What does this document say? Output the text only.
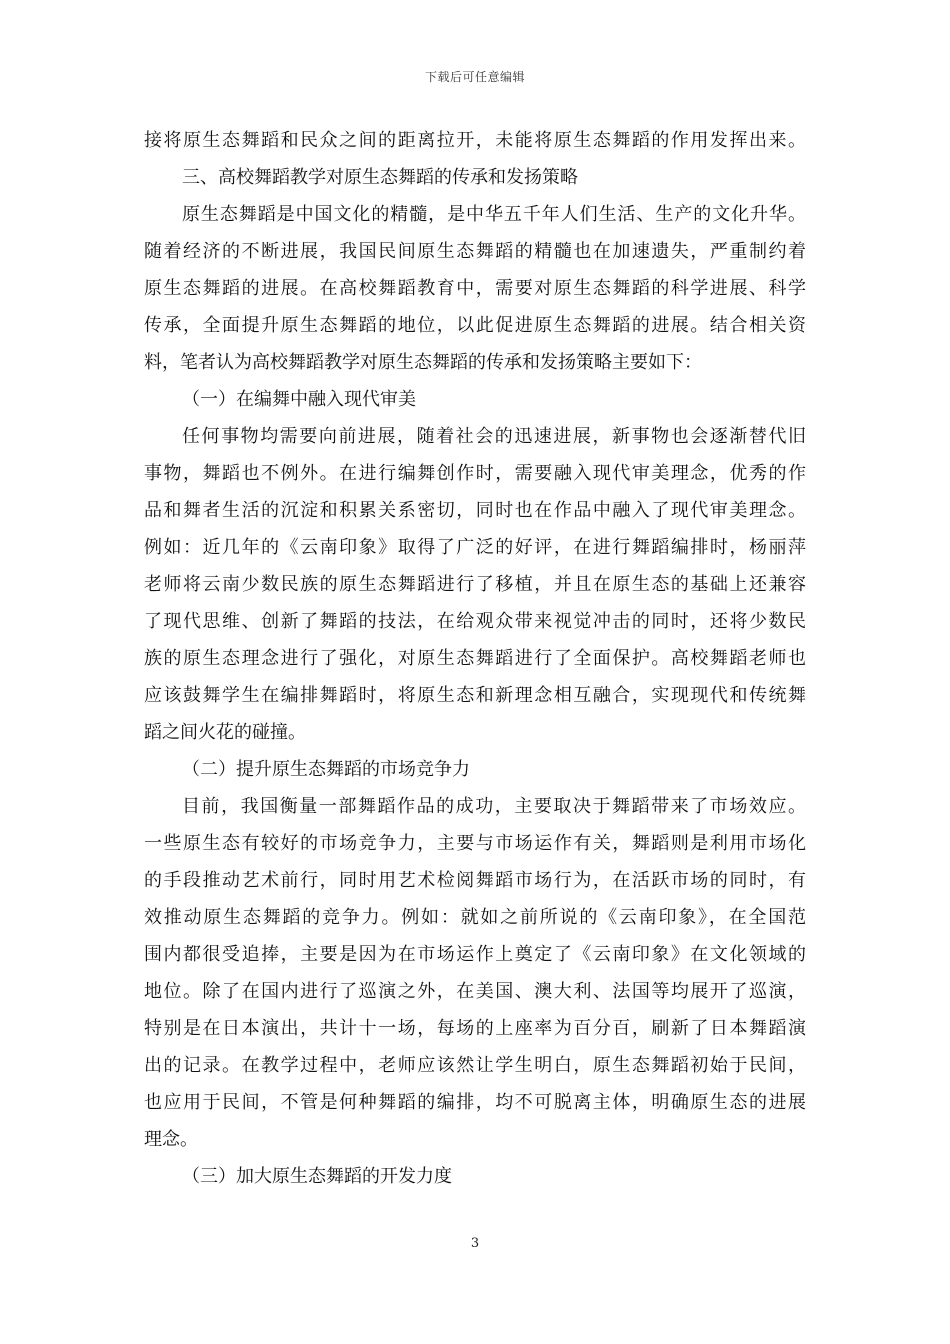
下载后可任意编辑
接将原生态舞蹈和民众之间的距离拉开，未能将原生态舞蹈的作用发挥出来。
三、高校舞蹈教学对原生态舞蹈的传承和发扬策略
原生态舞蹈是中国文化的精髓，是中华五千年人们生活、生产的文化升华。
随着经济的不断进展，我国民间原生态舞蹈的精髓也在加速遗失，严重制约着
原生态舞蹈的进展。在高校舞蹈教育中，需要对原生态舞蹈的科学进展、科学
传承，全面提升原生态舞蹈的地位，以此促进原生态舞蹈的进展。结合相关资
料，笔者认为高校舞蹈教学对原生态舞蹈的传承和发扬策略主要如下：
（一）在编舞中融入现代审美
任何事物均需要向前进展，随着社会的迅速进展，新事物也会逐渐替代旧
事物，舞蹈也不例外。在进行编舞创作时，需要融入现代审美理念，优秀的作
品和舞者生活的沉淀和积累关系密切，同时也在作品中融入了现代审美理念。
例如：近几年的《云南印象》取得了广泛的好评，在进行舞蹈编排时，杨丽萍
老师将云南少数民族的原生态舞蹈进行了移植，并且在原生态的基础上还兼容
了现代思维、创新了舞蹈的技法，在给观众带来视觉冲击的同时，还将少数民
族的原生态理念进行了强化，对原生态舞蹈进行了全面保护。高校舞蹈老师也
应该鼓舞学生在编排舞蹈时，将原生态和新理念相互融合，实现现代和传统舞
蹈之间火花的碰撞。
（二）提升原生态舞蹈的市场竞争力
目前，我国衡量一部舞蹈作品的成功，主要取决于舞蹈带来了市场效应。
一些原生态有较好的市场竞争力，主要与市场运作有关，舞蹈则是利用市场化
的手段推动艺术前行，同时用艺术检阅舞蹈市场行为，在活跃市场的同时，有
效推动原生态舞蹈的竞争力。例如：就如之前所说的《云南印象》，在全国范
围内都很受追捧，主要是因为在市场运作上奠定了《云南印象》在文化领域的
地位。除了在国内进行了巡演之外，在美国、澳大利、法国等均展开了巡演，
特别是在日本演出，共计十一场，每场的上座率为百分百，刷新了日本舞蹈演
出的记录。在教学过程中，老师应该然让学生明白，原生态舞蹈初始于民间，
也应用于民间，不管是何种舞蹈的编排，均不可脱离主体，明确原生态的进展
理念。
（三）加大原生态舞蹈的开发力度
3
